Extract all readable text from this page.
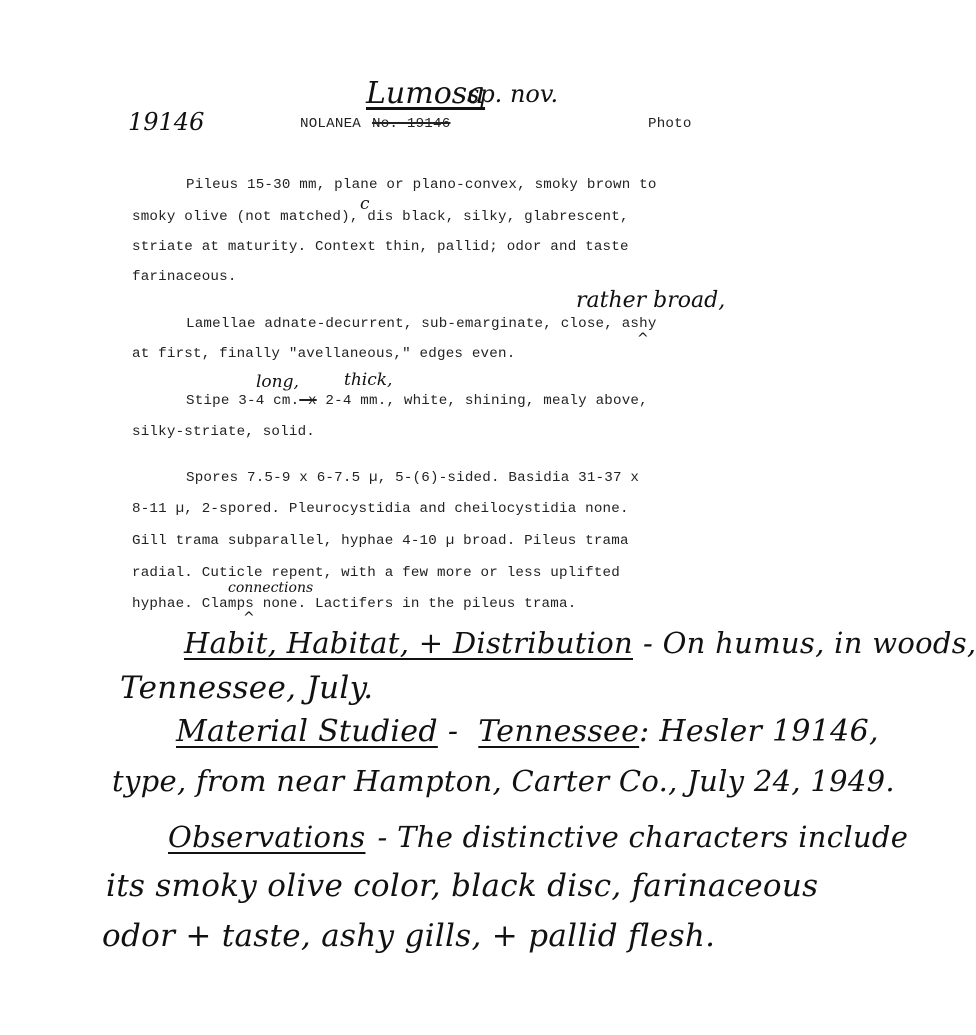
Lumosa
sp. nov.
19146	NOLANEA No. 19146	Photo
Pileus 15-30 mm, plane or plano-convex, smoky brown to
c
smoky olive (not matched), dis black, silky, glabrescent,
striate at maturity. Context thin, pallid; odor and taste
farinaceous.
rather broad,
^
Lamellae adnate-decurrent, sub-emarginate, close, ashy
at first, finally "avellaneous," edges even.
long,	thick,
Stipe 3-4 cm. x 2-4 mm., white, shining, mealy above,
silky-striate, solid.
Spores 7.5-9 x 6-7.5 µ, 5-(6)-sided. Basidia 31-37 x
8-11 µ, 2-spored. Pleurocystidia and cheilocystidia none.
Gill trama subparallel, hyphae 4-10 µ broad. Pileus trama
radial. Cuticle repent, with a few more or less uplifted
connections
hyphae. Clamps none. Lactifers in the pileus trama.
^
Habit, Habitat, + Distribution - On humus, in woods,
Tennessee, July.
Material Studied - Tennessee: Hesler 19146,
type, from near Hampton, Carter Co., July 24, 1949.
Observations - The distinctive characters include
its smoky olive color, black disc, farinaceous
odor + taste, ashy gills, + pallid flesh.
